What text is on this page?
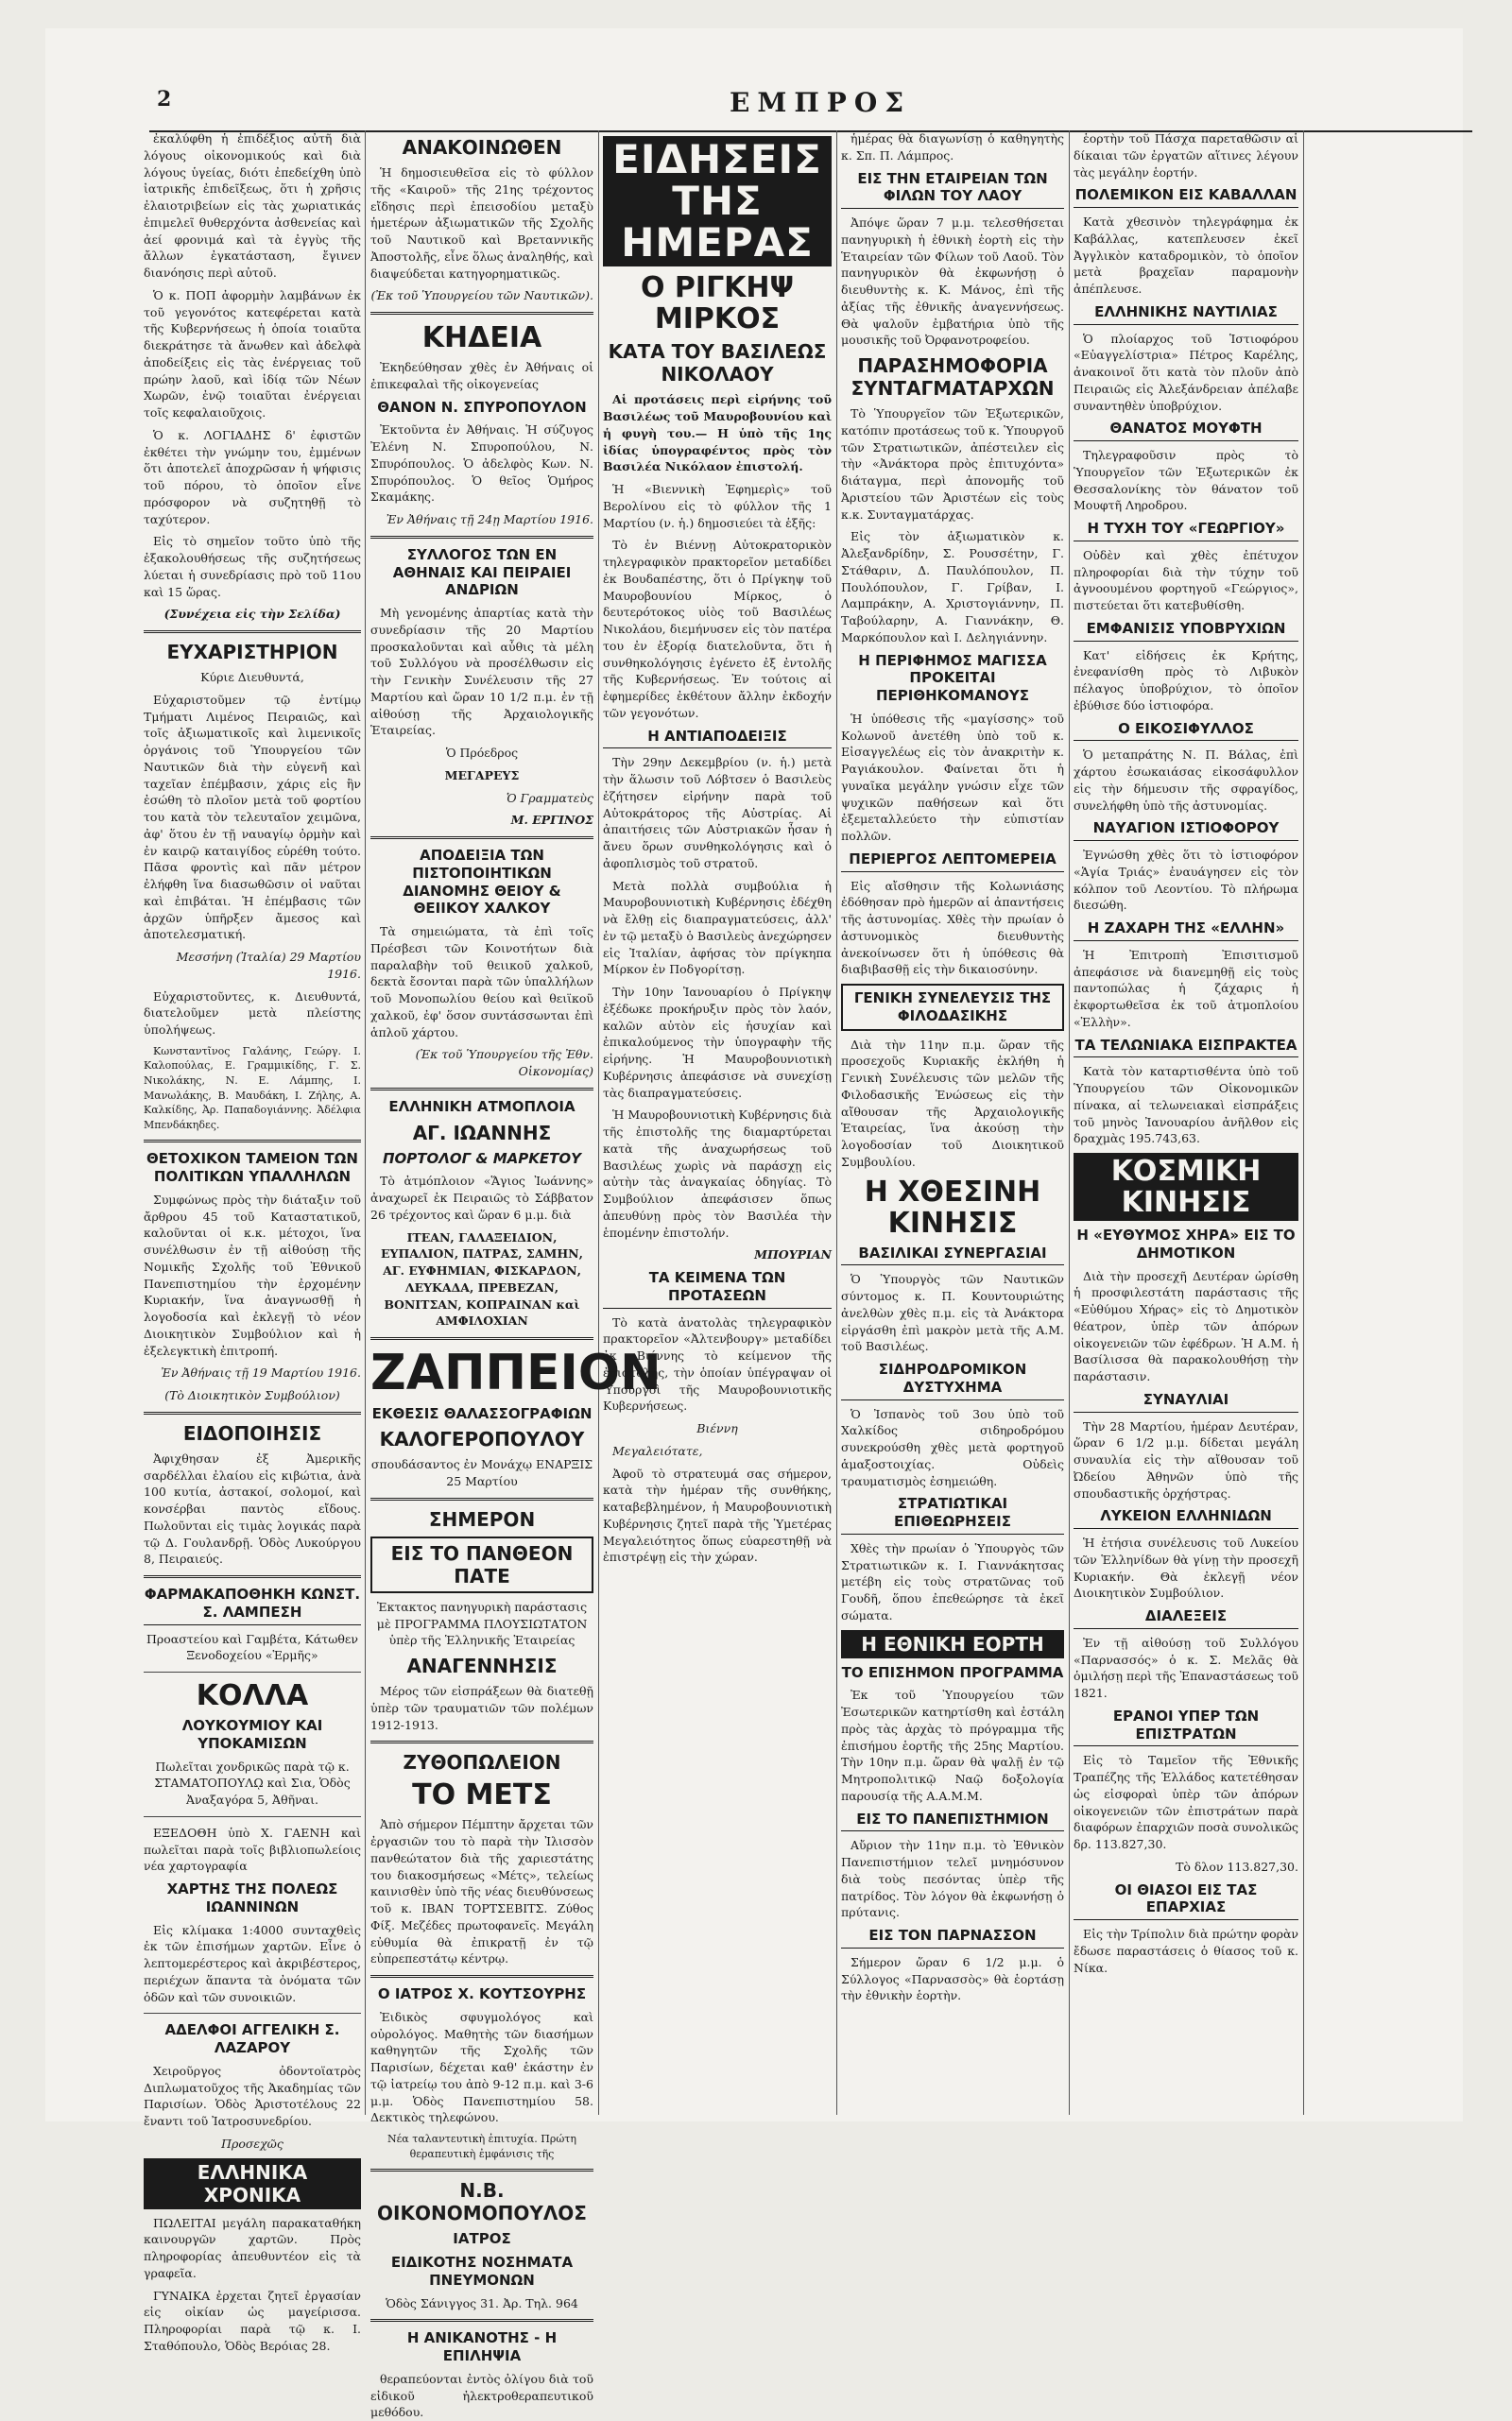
2	ΕΜΠΡΟΣ

ἐκαλύφθη ἡ ἐπιδέξιος αὐτῆ διὰ λόγους οἰκονομικούς καὶ διὰ λόγους ὑγείας, διότι ἐπεδείχθη ὑπὸ ἰατρικῆς ἐπιδεῖξεως, ὅτι ἡ χρῆσις ἐλαιοτριβείων εἰς τὰς χωριατικάς ἐπιμελεῖ θυθερχόντα ἀσθενείας καὶ ἀεί φρονιμά καὶ τὰ ἐγγὺς τῆς ἄλλων ἐγκατάσταση, ἔγινεν διανόησις περὶ αὐτοῦ.

Ὁ κ. ΠΟΠ ἀφορμὴν λαμβάνων ἐκ τοῦ γεγονότος κατεφέρεται κατὰ τῆς Κυβερνήσεως ἡ ὁποία τοιαῦτα διεκράτησε τὰ ἄνωθεν καὶ ἀδελφὰ ἀποδείξεις εἰς τὰς ἐνέργειας τοῦ πρώην λαοῦ, καὶ ἰδίᾳ τῶν Νέων Χωρῶν, ἐνῷ τοιαῦται ἐνέργειαι τοῖς κεφαλαιοῦχοις.

Ὁ κ. ΛΟΓΙΑΔΗΣ δ' ἐφιστῶν ἐκθέτει τὴν γνώμην του, ἐμμένων ὅτι ἀποτελεῖ ἀποχρῶσαν ἡ ψήφισις τοῦ πόρου, τὸ ὁποῖον εἶνε πρόσφορον νὰ συζητηθῇ τὸ ταχύτερον.

Εἰς τὸ σημεῖον τοῦτο ὑπὸ τῆς ἐξακολουθήσεως τῆς συζητήσεως λύεται ἡ συνεδρίασις πρὸ τοῦ 11ου καὶ 15 ὥρας.

(Συνέχεια εἰς τὴν Σελίδα)

ΕΥΧΑΡΙΣΤΗΡΙΟΝ

Κύριε Διευθυντά,

Εὐχαριστοῦμεν τῷ ἐντίμῳ Τμήματι Λιμένος Πειραιῶς, καὶ τοῖς ἀξιωματικοῖς καὶ λιμενικοῖς ὀργάνοις τοῦ Ὑπουργείου τῶν Ναυτικῶν διὰ τὴν εὐγενῆ καὶ ταχεῖαν ἐπέμβασιν, χάρις εἰς ἣν ἐσώθη τὸ πλοῖον μετὰ τοῦ φορτίου του κατὰ τὸν τελευταῖον χειμῶνα, ἀφ' ὅτου ἐν τῇ ναυαγίῳ ὀρμὴν καὶ ἐν καιρῷ καταιγίδος εὑρέθη τούτο. Πᾶσα φροντὶς καὶ πᾶν μέτρον ἐλήφθη ἵνα διασωθῶσιν οἱ ναῦται καὶ ἐπιβάται. Ἡ ἐπέμβασις τῶν ἀρχῶν ὑπῆρξεν ἄμεσος καὶ ἀποτελεσματική.

Μεσσήνη (Ἰταλία) 29 Μαρτίου 1916.

Εὐχαριστοῦντες, κ. Διευθυντά, διατελοῦμεν μετὰ πλείστης ὑπολήψεως.

Κωνσταντῖνος Γαλάνης, Γεώργ. Ι. Καλοπούλας, Ε. Γραμμικίδης, Γ. Σ. Νικολάκης, Ν. Ε. Λάμπης, Ι. Μανωλάκης, Β. Μαυδάκη, Ι. Ζήλης, Α. Καλκίδης, Ἀρ. Παπαδογιάννης. Ἀδέλφια Μπενδάκηδες.

ΘΕΤΟΧΙΚΟΝ ΤΑΜΕΙΟΝ ΤΩΝ ΠΟΛΙΤΙΚΩΝ ΥΠΑΛΛΗΛΩΝ

Συμφώνως πρὸς τὴν διάταξιν τοῦ ἄρθρου 45 τοῦ Καταστατικοῦ, καλοῦνται οἱ κ.κ. μέτοχοι, ἵνα συνέλθωσιν ἐν τῇ αἰθούσῃ τῆς Νομικῆς Σχολῆς τοῦ Ἐθνικοῦ Πανεπιστημίου τὴν ἐρχομένην Κυριακήν, ἵνα ἀναγνωσθῇ ἡ λογοδοσία καὶ ἐκλεγῇ τὸ νέον Διοικητικὸν Συμβούλιον καὶ ἡ ἐξελεγκτικὴ ἐπιτροπή.

Ἐν Ἀθήναις τῇ 19 Μαρτίου 1916.

(Τὸ Διοικητικὸν Συμβούλιον)

ΕΙΔΟΠΟΙΗΣΙΣ

Ἀφιχθησαν ἐξ Ἀμερικῆς σαρδέλλαι ἐλαίου εἰς κιβώτια, ἀνὰ 100 κυτία, ἀστακοί, σολομοί, καὶ κονσέρβαι παντὸς εἴδους. Πωλοῦνται εἰς τιμὰς λογικάς παρὰ τῷ Δ. Γουλανδρῇ. Ὁδὸς Λυκούργου 8, Πειραιεύς.

ΦΑΡΜΑΚΑΠΟΘΗΚΗ ΚΩΝΣΤ. Σ. ΛΑΜΠΕΣΗ

Προαστείου καὶ Γαμβέτα, Κάτωθεν Ξενοδοχείου «Ἑρμῆς»

ΚΟΛΛΑ
ΛΟΥΚΟΥΜΙΟΥ ΚΑΙ ΥΠΟΚΑΜΙΣΩΝ

Πωλεῖται χονδρικῶς παρὰ τῷ κ. ΣΤΑΜΑΤΟΠΟΥΛῼ καὶ Σια, Ὁδὸς Ἀναξαγόρα 5, Ἀθῆναι.

ΕΞΕΔΟΘΗ ὑπὸ Χ. ΓΑΕΝΗ καὶ πωλεῖται παρὰ τοῖς βιβλιοπωλείοις νέα χαρτογραφία

ΧΑΡΤΗΣ ΤΗΣ ΠΟΛΕΩΣ ΙΩΑΝΝΙΝΩΝ

Εἰς κλίμακα 1:4000 συνταχθεὶς ἐκ τῶν ἐπισήμων χαρτῶν. Εἶνε ὁ λεπτομερέστερος καὶ ἀκριβέστερος, περιέχων ἅπαντα τὰ ὀνόματα τῶν ὁδῶν καὶ τῶν συνοικιῶν.

ΑΔΕΛΦΟΙ ΑΓΓΕΛΙΚΗ Σ. ΛΑΖΑΡΟΥ

Χειροῦργος ὀδοντοϊατρὸς Διπλωματοῦχος τῆς Ἀκαδημίας τῶν Παρισίων. Ὁδὸς Ἀριστοτέλους 22 ἔναντι τοῦ Ἰατροσυνεδρίου.

Προσεχῶς

ΕΛΛΗΝΙΚΑ ΧΡΟΝΙΚΑ

ΠΩΛΕΙΤΑΙ μεγάλη παρακαταθήκη καινουργῶν χαρτῶν. Πρὸς πληροφορίας ἀπευθυντέον εἰς τὰ γραφεῖα.

ΓΥΝΑΙΚΑ ἐρχεται ζητεῖ ἐργασίαν εἰς οἰκίαν ὡς μαγείρισσα. Πληροφορίαι παρὰ τῷ κ. Ι. Σταθόπουλο, Ὁδὸς Βερόιας 28.

ΑΝΑΚΟΙΝΩΘΕΝ

Ἡ δημοσιευθεῖσα εἰς τὸ φύλλον τῆς «Καιροῦ» τῆς 21ης τρέχοντος εἴδησις περὶ ἐπεισοδίου μεταξὺ ἡμετέρων ἀξιωματικῶν τῆς Σχολῆς τοῦ Ναυτικοῦ καὶ Βρεταννικῆς Ἀποστολῆς, εἶνε ὅλως ἀναληθής, καὶ διαψεύδεται κατηγορηματικῶς.

(Ἐκ τοῦ Ὑπουργείου τῶν Ναυτικῶν).

ΚΗΔΕΙΑ

Ἐκηδεύθησαν χθὲς ἐν Ἀθήναις οἱ ἐπικεφαλαὶ τῆς οἰκογενείας

ΘΑΝΟΝ Ν. ΣΠΥΡΟΠΟΥΛΟΝ

Ἐκτοῦντα ἐν Ἀθήναις. Ἡ σύζυγος Ἐλένη Ν. Σπυροπούλου, Ν. Σπυρόπουλος. Ὁ ἀδελφὸς Κων. Ν. Σπυρόπουλος. Ὁ θεῖος Ὁμήρος Σκαμάκης.

Ἐν Ἀθήναις τῇ 24ῃ Μαρτίου 1916.

ΣΥΛΛΟΓΟΣ ΤΩΝ ΕΝ ΑΘΗΝΑΙΣ ΚΑΙ ΠΕΙΡΑΙΕΙ ΑΝΔΡΙΩΝ

Μὴ γενομένης ἀπαρτίας κατὰ τὴν συνεδρίασιν τῆς 20 Μαρτίου προσκαλοῦνται καὶ αὖθις τὰ μέλη τοῦ Συλλόγου νὰ προσέλθωσιν εἰς τὴν Γενικὴν Συνέλευσιν τῆς 27 Μαρτίου καὶ ὥραν 10 1/2 π.μ. ἐν τῇ αἰθούσῃ τῆς Ἀρχαιολογικῆς Ἑταιρείας.

Ὁ Πρόεδρος

ΜΕΓΑΡΕΥΣ

Ὁ Γραμματεὺς

Μ. ΕΡΓΙΝΟΣ

ΑΠΟΔΕΙΞΙΑ ΤΩΝ ΠΙΣΤΟΠΟΙΗΤΙΚΩΝ ΔΙΑΝΟΜΗΣ ΘΕΙΟΥ & ΘΕΙΙΚΟΥ ΧΑΛΚΟΥ

Τὰ σημειώματα, τὰ ἐπὶ τοῖς Πρέσβεσι τῶν Κοινοτήτων διὰ παραλαβὴν τοῦ θειικοῦ χαλκοῦ, δεκτὰ ἔσονται παρὰ τῶν ὑπαλλήλων τοῦ Μονοπωλίου θείου καὶ θειϊκοῦ χαλκοῦ, ἐφ' ὅσον συντάσσωνται ἐπὶ ἁπλοῦ χάρτου.

(Ἐκ τοῦ Ὑπουργείου τῆς Ἐθν. Οἰκονομίας)

ΕΛΛΗΝΙΚΗ ΑΤΜΟΠΛΟΙΑ
ΑΓ. ΙΩΑΝΝΗΣ
ΠΟΡΤΟΛΟΓ & ΜΑΡΚΕΤΟΥ

Τὸ ἀτμόπλοιον «Ἅγιος Ἰωάννης» ἀναχωρεῖ ἐκ Πειραιῶς τὸ Σάββατον 26 τρέχοντος καὶ ὥραν 6 μ.μ. διὰ

ΙΤΕΑΝ, ΓΑΛΑΞΕΙΔΙΟΝ, ΕΥΠΑΛΙΟΝ, ΠΑΤΡΑΣ, ΣΑΜΗΝ, ΑΓ. ΕΥΦΗΜΙΑΝ, ΦΙΣΚΑΡΔΟΝ, ΛΕΥΚΑΔΑ, ΠΡΕΒΕΖΑΝ, ΒΟΝΙΤΣΑΝ, ΚΟΠΡΑΙΝΑΝ καὶ ΑΜΦΙΛΟΧΙΑΝ

ΖΑΠΠΕΙΟΝ
ΕΚΘΕΣΙΣ ΘΑΛΑΣΣΟΓΡΑΦΙΩΝ
ΚΑΛΟΓΕΡΟΠΟΥΛΟΥ

σπουδάσαντος ἐν Μονάχῳ ΕΝΑΡΞΙΣ 25 Μαρτίου

ΣΗΜΕΡΟΝ
ΕΙΣ ΤΟ ΠΑΝΘΕΟΝ ΠΑΤΕ

Ἐκτακτος πανηγυρικὴ παράστασις μὲ ΠΡΟΓΡΑΜΜΑ ΠΛΟΥΣΙΩΤΑΤΟΝ ὑπὲρ τῆς Ἑλληνικῆς Ἑταιρείας

ΑΝΑΓΕΝΝΗΣΙΣ

Μέρος τῶν εἰσπράξεων θὰ διατεθῇ ὑπὲρ τῶν τραυματιῶν τῶν πολέμων 1912-1913.

ΖΥΘΟΠΩΛΕΙΟΝ
ΤΟ ΜΕΤΣ

Ἀπὸ σήμερον Πέμπτην ἄρχεται τῶν ἐργασιῶν του τὸ παρὰ τὴν Ἰλισσὸν πανθεώτατον διὰ τῆς χαριεστάτης του διακοσμήσεως «Μέτς», τελείως καινισθὲν ὑπὸ τῆς νέας διευθύνσεως τοῦ κ. ΙΒΑΝ ΤΟΡΤΣΕΒΙΤΣ. Ζύθος Φίξ. Μεζέδες πρωτοφανεῖς. Μεγάλη εὐθυμία θὰ ἐπικρατῇ ἐν τῷ εὐπρεπεστάτῳ κέντρῳ.

Ο ΙΑΤΡΟΣ Χ. ΚΟΥΤΣΟΥΡΗΣ

Ἐιδικὸς σφυγμολόγος καὶ οὐρολόγος. Μαθητὴς τῶν διασήμων καθηγητῶν τῆς Σχολῆς τῶν Παρισίων, δέχεται καθ' ἑκάστην ἐν τῷ ἰατρείῳ του ἀπὸ 9-12 π.μ. καὶ 3-6 μ.μ. Ὁδὸς Πανεπιστημίου 58. Δεκτικὸς τηλεφώνου.

Νέα ταλαντευτικὴ ἐπιτυχία. Πρώτη θεραπευτικὴ ἐμφάνισις τῆς

Ν.Β. ΟΙΚΟΝΟΜΟΠΟΥΛΟΣ
ΙΑΤΡΟΣ
ΕΙΔΙΚΟΤΗΣ ΝΟΣΗΜΑΤΑ ΠΝΕΥΜΟΝΩΝ

Ὁδὸς Σάνιγγος 31. Ἀρ. Τηλ. 964

Η ΑΝΙΚΑΝΟΤΗΣ - Η ΕΠΙΛΗΨΙΑ

θεραπεύονται ἐντὸς ὀλίγου διὰ τοῦ εἰδικοῦ ἠλεκτροθεραπευτικοῦ μεθόδου.

ΕΙΔΗΣΕΙΣ ΤΗΣ ΗΜΕΡΑΣ
Ο ΡΙΓΚΗΨ ΜΙΡΚΟΣ
ΚΑΤΑ ΤΟΥ ΒΑΣΙΛΕΩΣ ΝΙΚΟΛΑΟΥ

Αἱ προτάσεις περὶ εἰρήνης τοῦ Βασιλέως τοῦ Μαυροβουνίου καὶ ἡ φυγὴ του.— Η ὑπὸ τῆς 1ης ἰδίας ὑπογραφέντος πρὸς τὸν Βασιλέα Νικόλαον ἐπιστολή.

Ἡ «Βιεννικὴ Ἐφημερὶς» τοῦ Βερολίνου εἰς τὸ φύλλον τῆς 1 Μαρτίου (ν. ἡ.) δημοσιεύει τὰ ἑξῆς:

Τὸ ἐν Βιέννῃ Αὐτοκρατορικὸν τηλεγραφικὸν πρακτορεῖον μεταδίδει ἐκ Βουδαπέστης, ὅτι ὁ Πρίγκηψ τοῦ Μαυροβουνίου Μίρκος, ὁ δευτερότοκος υἱὸς τοῦ Βασιλέως Νικολάου, διεμήνυσεν εἰς τὸν πατέρα του ἐν ἐξορίᾳ διατελοῦντα, ὅτι ἡ συνθηκολόγησις ἐγένετο ἐξ ἐντολῆς τῆς Κυβερνήσεως. Ἐν τούτοις αἱ ἐφημερίδες ἐκθέτουν ἄλλην ἐκδοχήν τῶν γεγονότων.

Η ΑΝΤΙΑΠΟΔΕΙΞΙΣ

Τὴν 29ην Δεκεμβρίου (ν. ἡ.) μετὰ τὴν ἅλωσιν τοῦ Λόβτσεν ὁ Βασιλεὺς ἐζήτησεν εἰρήνην παρὰ τοῦ Αὐτοκράτορος τῆς Αὐστρίας. Αἱ ἀπαιτήσεις τῶν Αὐστριακῶν ἦσαν ἡ ἄνευ ὅρων συνθηκολόγησις καὶ ὁ ἀφοπλισμὸς τοῦ στρατοῦ.

Μετὰ πολλὰ συμβούλια ἡ Μαυροβουνιοτικὴ Κυβέρνησις ἐδέχθη νὰ ἔλθῃ εἰς διαπραγματεύσεις, ἀλλ' ἐν τῷ μεταξὺ ὁ Βασιλεὺς ἀνεχώρησεν εἰς Ἰταλίαν, ἀφήσας τὸν πρίγκηπα Μίρκον ἐν Ποδγορίτσῃ.

Τὴν 10ην Ἰανουαρίου ὁ Πρίγκηψ ἐξέδωκε προκήρυξιν πρὸς τὸν λαόν, καλῶν αὐτὸν εἰς ἡσυχίαν καὶ ἐπικαλούμενος τὴν ὑπογραφὴν τῆς εἰρήνης. Ἡ Μαυροβουνιοτικὴ Κυβέρνησις ἀπεφάσισε νὰ συνεχίσῃ τὰς διαπραγματεύσεις.

Ἡ Μαυροβουνιοτικὴ Κυβέρνησις διὰ τῆς ἐπιστολῆς της διαμαρτύρεται κατὰ τῆς ἀναχωρήσεως τοῦ Βασιλέως χωρὶς νὰ παράσχῃ εἰς αὐτὴν τὰς ἀναγκαίας ὁδηγίας. Τὸ Συμβούλιον ἀπεφάσισεν ὅπως ἀπευθύνῃ πρὸς τὸν Βασιλέα τὴν ἑπομένην ἐπιστολήν.

ΜΠΟΥΡΙΑΝ

ΤΑ ΚΕΙΜΕΝΑ ΤΩΝ ΠΡΟΤΑΣΕΩΝ

Τὸ κατὰ ἀνατολὰς τηλεγραφικὸν πρακτορεῖον «Ἀλτενβουργ» μεταδίδει ἐκ Βιέννης τὸ κείμενον τῆς ἐπιστολῆς, τὴν ὁποίαν ὑπέγραψαν οἱ Ὑπουργοὶ τῆς Μαυροβουνιοτικῆς Κυβερνήσεως.

Βιέννη

Μεγαλειότατε,

Ἀφοῦ τὸ στρατευμά σας σήμερον, κατὰ τὴν ἡμέραν τῆς συνθήκης, καταβεβλημένον, ἡ Μαυροβουνιοτικὴ Κυβέρνησις ζητεῖ παρὰ τῆς Ὑμετέρας Μεγαλειότητος ὅπως εὐαρεστηθῇ νὰ ἐπιστρέψῃ εἰς τὴν χώραν.

ἡμέρας θὰ διαγωνίσῃ ὁ καθηγητὴς κ. Σπ. Π. Λάμπρος.

ΕΙΣ ΤΗΝ ΕΤΑΙΡΕΙΑΝ ΤΩΝ ΦΙΛΩΝ ΤΟΥ ΛΑΟΥ

Ἀπόψε ὥραν 7 μ.μ. τελεσθήσεται πανηγυρικὴ ἡ ἐθνικὴ ἑορτὴ εἰς τὴν Ἑταιρείαν τῶν Φίλων τοῦ Λαοῦ. Τὸν πανηγυρικὸν θὰ ἐκφωνήσῃ ὁ διευθυντὴς κ. Κ. Μάνος, ἐπὶ τῆς ἀξίας τῆς ἐθνικῆς ἀναγεννήσεως. Θὰ ψαλοῦν ἐμβατήρια ὑπὸ τῆς μουσικῆς τοῦ Ὀρφανοτροφείου.

ΠΑΡΑΣΗΜΟΦΟΡΙΑ ΣΥΝΤΑΓΜΑΤΑΡΧΩΝ

Τὸ Ὑπουργεῖον τῶν Ἐξωτερικῶν, κατόπιν προτάσεως τοῦ κ. Ὑπουργοῦ τῶν Στρατιωτικῶν, ἀπέστειλεν εἰς τὴν «Ἀνάκτορα πρὸς ἐπιτυχόντα» διάταγμα, περὶ ἀπονομῆς τοῦ Ἀριστείου τῶν Ἀριστέων εἰς τοὺς κ.κ. Συνταγματάρχας.

Εἰς τὸν ἀξιωματικὸν κ. Ἀλεξανδρίδην, Σ. Ρουσσέτην, Γ. Στάθαριν, Δ. Παυλόπουλον, Π. Πουλόπουλον, Γ. Γρίβαν, Ι. Λαμπράκην, Α. Χριστογιάννην, Π. Ταβούλαρην, Α. Γιαννάκην, Θ. Μαρκόπουλον καὶ Ι. Δεληγιάννην.

Η ΠΕΡΙΦΗΜΟΣ ΜΑΓΙΣΣΑ ΠΡΟΚΕΙΤΑΙ ΠΕΡΙΘΗΚΟΜΑΝΟΥΣ

Ἡ ὑπόθεσις τῆς «μαγίσσης» τοῦ Κολωνοῦ ἀνετέθη ὑπὸ τοῦ κ. Εἰσαγγελέως εἰς τὸν ἀνακριτὴν κ. Ραγιάκουλον. Φαίνεται ὅτι ἡ γυναῖκα μεγάλην γνώσιν εἶχε τῶν ψυχικῶν παθήσεων καὶ ὅτι ἐξεμεταλλεύετο τὴν εὐπιστίαν πολλῶν.

ΠΕΡΙΕΡΓΟΣ ΛΕΠΤΟΜΕΡΕΙΑ

Εἰς αἴσθησιν τῆς Κολωνιάσης ἐδόθησαν πρὸ ἡμερῶν αἱ ἀπαντήσεις τῆς ἀστυνομίας. Χθὲς τὴν πρωίαν ὁ ἀστυνομικὸς διευθυντὴς ἀνεκοίνωσεν ὅτι ἡ ὑπόθεσις θὰ διαβιβασθῇ εἰς τὴν δικαιοσύνην.

ΓΕΝΙΚΗ ΣΥΝΕΛΕΥΣΙΣ ΤΗΣ ΦΙΛΟΔΑΣΙΚΗΣ

Διὰ τὴν 11ην π.μ. ὥραν τῆς προσεχοῦς Κυριακῆς ἐκλήθη ἡ Γενικὴ Συνέλευσις τῶν μελῶν τῆς Φιλοδασικῆς Ἑνώσεως εἰς τὴν αἴθουσαν τῆς Ἀρχαιολογικῆς Ἑταιρείας, ἵνα ἀκούσῃ τὴν λογοδοσίαν τοῦ Διοικητικοῦ Συμβουλίου.

Η ΧΘΕΣΙΝΗ ΚΙΝΗΣΙΣ
ΒΑΣΙΛΙΚΑΙ ΣΥΝΕΡΓΑΣΙΑΙ

Ὁ Ὑπουργὸς τῶν Ναυτικῶν σύντομος κ. Π. Κουντουριώτης ἀνελθὼν χθὲς π.μ. εἰς τὰ Ἀνάκτορα εἰργάσθη ἐπὶ μακρὸν μετὰ τῆς Α.Μ. τοῦ Βασιλέως.

ΣΙΔΗΡΟΔΡΟΜΙΚΟΝ ΔΥΣΤΥΧΗΜΑ

Ὁ Ἰσπανὸς τοῦ 3ου ὑπὸ τοῦ Χαλκίδος σιδηροδρόμου συνεκρούσθη χθὲς μετὰ φορτηγοῦ ἁμαξοστοιχίας. Οὐδεὶς τραυματισμὸς ἐσημειώθη.

ΣΤΡΑΤΙΩΤΙΚΑΙ ΕΠΙΘΕΩΡΗΣΕΙΣ

Χθὲς τὴν πρωίαν ὁ Ὑπουργὸς τῶν Στρατιωτικῶν κ. Ι. Γιαννάκητσας μετέβη εἰς τοὺς στρατῶνας τοῦ Γουδῆ, ὅπου ἐπεθεώρησε τὰ ἐκεῖ σώματα.

Η ΕΘΝΙΚΗ ΕΟΡΤΗ
ΤΟ ΕΠΙΣΗΜΟΝ ΠΡΟΓΡΑΜΜΑ

Ἐκ τοῦ Ὑπουργείου τῶν Ἐσωτερικῶν κατηρτίσθη καὶ ἐστάλη πρὸς τὰς ἀρχὰς τὸ πρόγραμμα τῆς ἐπισήμου ἑορτῆς τῆς 25ης Μαρτίου. Τὴν 10ην π.μ. ὥραν θὰ ψαλῇ ἐν τῷ Μητροπολιτικῷ Ναῷ δοξολογία παρουσίᾳ τῆς Α.Α.Μ.Μ.

ΕΙΣ ΤΟ ΠΑΝΕΠΙΣΤΗΜΙΟΝ

Αὔριον τὴν 11ην π.μ. τὸ Ἐθνικὸν Πανεπιστήμιον τελεῖ μνημόσυνον διὰ τοὺς πεσόντας ὑπὲρ τῆς πατρίδος. Τὸν λόγον θὰ ἐκφωνήσῃ ὁ πρύτανις.

ΕΙΣ ΤΟΝ ΠΑΡΝΑΣΣΟΝ

Σήμερον ὥραν 6 1/2 μ.μ. ὁ Σύλλογος «Παρνασσὸς» θὰ ἑορτάσῃ τὴν ἐθνικὴν ἑορτὴν.

ἑορτὴν τοῦ Πάσχα παρεταθῶσιν αἱ δίκαιαι τῶν ἐργατῶν αἵτινες λέγουν τὰς μεγάλην ἑορτήν.

ΠΟΛΕΜΙΚΟΝ ΕΙΣ ΚΑΒΑΛΛΑΝ

Κατὰ χθεσινὸν τηλεγράφημα ἐκ Καβάλλας, κατεπλευσεν ἐκεῖ Ἀγγλικὸν καταδρομικὸν, τὸ ὁποῖον μετὰ βραχεῖαν παραμονὴν ἀπέπλευσε.

ΕΛΛΗΝΙΚΗΣ ΝΑΥΤΙΛΙΑΣ

Ὁ πλοίαρχος τοῦ Ἱστιοφόρου «Εὐαγγελίστρια» Πέτρος Καρέλης, ἀνακοινοῖ ὅτι κατὰ τὸν πλοῦν ἀπὸ Πειραιῶς εἰς Ἀλεξάνδρειαν ἀπέλαβε συναντηθὲν ὑποβρύχιον.

ΘΑΝΑΤΟΣ ΜΟΥΦΤΗ

Τηλεγραφοῦσιν πρὸς τὸ Ὑπουργεῖον τῶν Ἐξωτερικῶν ἐκ Θεσσαλονίκης τὸν θάνατον τοῦ Μουφτῆ Ληροδρου.

Η ΤΥΧΗ ΤΟΥ «ΓΕΩΡΓΙΟΥ»

Οὐδὲν καὶ χθὲς ἐπέτυχον πληροφορίαι διὰ τὴν τύχην τοῦ ἀγνοουμένου φορτηγοῦ «Γεώργιος», πιστεύεται ὅτι κατεβυθίσθη.

ΕΜΦΑΝΙΣΙΣ ΥΠΟΒΡΥΧΙΩΝ

Κατ' εἰδήσεις ἐκ Κρήτης, ἐνεφανίσθη πρὸς τὸ Λιβυκὸν πέλαγος ὑποβρύχιον, τὸ ὁποῖον ἐβύθισε δύο ἱστιοφόρα.

Ο ΕΙΚΟΣΙΦΥΛΛΟΣ

Ὁ μεταπράτης Ν. Π. Βάλας, ἐπὶ χάρτου ἐσωκαιάσας εἰκοσάφυλλον εἰς τὴν δήμευσιν τῆς σφραγίδος, συνελήφθη ὑπὸ τῆς ἀστυνομίας.

ΝΑΥΑΓΙΟΝ ΙΣΤΙΟΦΟΡΟΥ

Ἐγνώσθη χθὲς ὅτι τὸ ἱστιοφόρον «Ἁγία Τριάς» ἐναυάγησεν εἰς τὸν κόλπον τοῦ Λεοντίου. Τὸ πλήρωμα διεσώθη.

Η ΖΑΧΑΡΗ ΤΗΣ «ΕΛΛΗΝ»

Ἡ Ἐπιτροπὴ Ἐπισιτισμοῦ ἀπεφάσισε νὰ διανεμηθῇ εἰς τοὺς παντοπώλας ἡ ζάχαρις ἡ ἐκφορτωθεῖσα ἐκ τοῦ ἀτμοπλοίου «Ἑλλὴν».

ΤΑ ΤΕΛΩΝΙΑΚΑ ΕΙΣΠΡΑΚΤΕΑ

Κατὰ τὸν καταρτισθέντα ὑπὸ τοῦ Ὑπουργείου τῶν Οἰκονομικῶν πίνακα, αἱ τελωνειακαὶ εἰσπράξεις τοῦ μηνὸς Ἰανουαρίου ἀνῆλθον εἰς δραχμὰς 195.743,63.

ΚΟΣΜΙΚΗ ΚΙΝΗΣΙΣ
Η «ΕΥΘΥΜΟΣ ΧΗΡΑ» ΕΙΣ ΤΟ ΔΗΜΟΤΙΚΟΝ

Διὰ τὴν προσεχῆ Δευτέραν ὡρίσθη ἡ προσφιλεστάτη παράστασις τῆς «Εὐθύμου Χήρας» εἰς τὸ Δημοτικὸν θέατρον, ὑπὲρ τῶν ἀπόρων οἰκογενειῶν τῶν ἐφέδρων. Ἡ Α.Μ. ἡ Βασίλισσα θὰ παρακολουθήσῃ τὴν παράστασιν.

ΣΥΝΑΥΛΙΑΙ

Τὴν 28 Μαρτίου, ἡμέραν Δευτέραν, ὥραν 6 1/2 μ.μ. δίδεται μεγάλη συναυλία εἰς τὴν αἴθουσαν τοῦ Ὠδείου Ἀθηνῶν ὑπὸ τῆς σπουδαστικῆς ὀρχήστρας.

ΛΥΚΕΙΟΝ ΕΛΛΗΝΙΔΩΝ

Ἡ ἐτήσια συνέλευσις τοῦ Λυκείου τῶν Ἑλληνίδων θὰ γίνῃ τὴν προσεχῆ Κυριακήν. Θὰ ἐκλεγῇ νέον Διοικητικὸν Συμβούλιον.

ΔΙΑΛΕΞΕΙΣ

Ἐν τῇ αἰθούσῃ τοῦ Συλλόγου «Παρνασσός» ὁ κ. Σ. Μελᾶς θὰ ὁμιλήσῃ περὶ τῆς Ἐπαναστάσεως τοῦ 1821.

ΕΡΑΝΟΙ ΥΠΕΡ ΤΩΝ ΕΠΙΣΤΡΑΤΩΝ

Εἰς τὸ Ταμεῖον τῆς Ἐθνικῆς Τραπέζης τῆς Ἑλλάδος κατετέθησαν ὡς εἰσφοραὶ ὑπὲρ τῶν ἀπόρων οἰκογενειῶν τῶν ἐπιστράτων παρὰ διαφόρων ἐπαρχιῶν ποσὰ συνολικῶς δρ. 113.827,30.

Τὸ δλον 113.827,30.

ΟΙ ΘΙΑΣΟΙ ΕΙΣ ΤΑΣ ΕΠΑΡΧΙΑΣ

Εἰς τὴν Τρίπολιν διὰ πρώτην φορὰν ἔδωσε παραστάσεις ὁ θίασος τοῦ κ. Νίκα.
